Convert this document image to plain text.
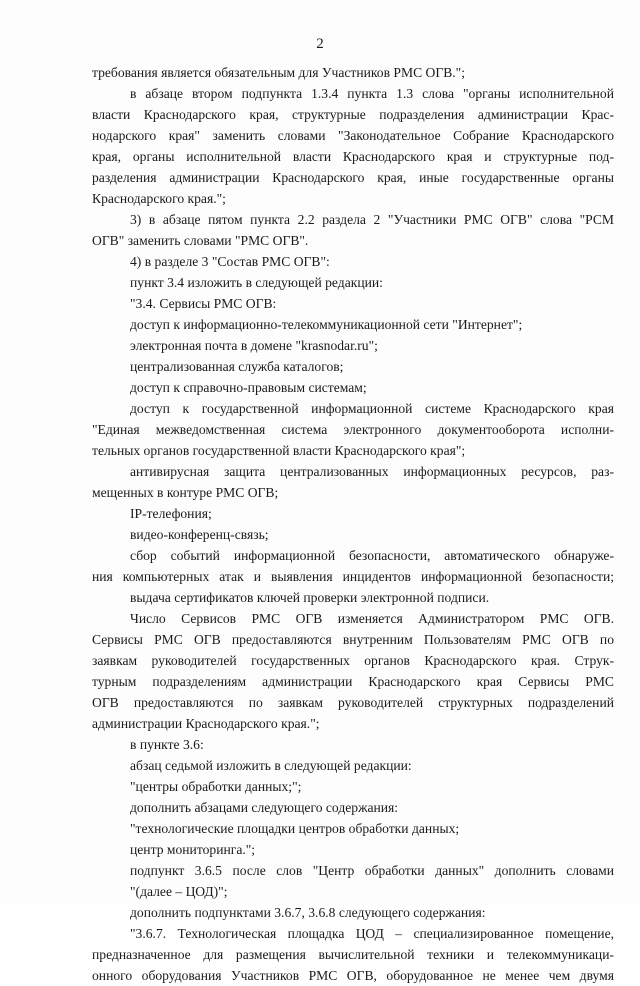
2
требования является обязательным для Участников РМС ОГВ.";
в абзаце втором подпункта 1.3.4 пункта 1.3 слова "органы исполнительной
власти Краснодарского края, структурные подразделения администрации Крас-
нодарского края" заменить словами "Законодательное Собрание Краснодарского
края, органы исполнительной власти Краснодарского края и структурные под-
разделения администрации Краснодарского края, иные государственные органы
Краснодарского края.";
3) в абзаце пятом пункта 2.2 раздела 2 "Участники РМС ОГВ" слова "РСМ
ОГВ" заменить словами "РМС ОГВ".
4) в разделе 3 "Состав РМС ОГВ":
пункт 3.4 изложить в следующей редакции:
"3.4. Сервисы РМС ОГВ:
доступ к информационно-телекоммуникационной сети "Интернет";
электронная почта в домене "krasnodar.ru";
централизованная служба каталогов;
доступ к справочно-правовым системам;
доступ к государственной информационной системе Краснодарского края
"Единая межведомственная система электронного документооборота исполни-
тельных органов государственной власти Краснодарского края";
антивирусная защита централизованных информационных ресурсов, раз-
мещенных в контуре РМС ОГВ;
IP-телефония;
видео-конференц-связь;
сбор событий информационной безопасности, автоматического обнаруже-
ния компьютерных атак и выявления инцидентов информационной безопасности;
выдача сертификатов ключей проверки электронной подписи.
Число Сервисов РМС ОГВ изменяется Администратором РМС ОГВ.
Сервисы РМС ОГВ предоставляются внутренним Пользователям РМС ОГВ по
заявкам руководителей государственных органов Краснодарского края. Струк-
турным подразделениям администрации Краснодарского края Сервисы РМС
ОГВ предоставляются по заявкам руководителей структурных подразделений
администрации Краснодарского края.";
в пункте 3.6:
абзац седьмой изложить в следующей редакции:
"центры обработки данных;";
дополнить абзацами следующего содержания:
"технологические площадки центров обработки данных;
центр мониторинга.";
подпункт 3.6.5 после слов "Центр обработки данных" дополнить словами
"(далее – ЦОД)";
дополнить подпунктами 3.6.7, 3.6.8 следующего содержания:
"3.6.7. Технологическая площадка ЦОД – специализированное помещение,
предназначенное для размещения вычислительной техники и телекоммуникаци-
онного оборудования Участников РМС ОГВ, оборудованное не менее чем двумя
